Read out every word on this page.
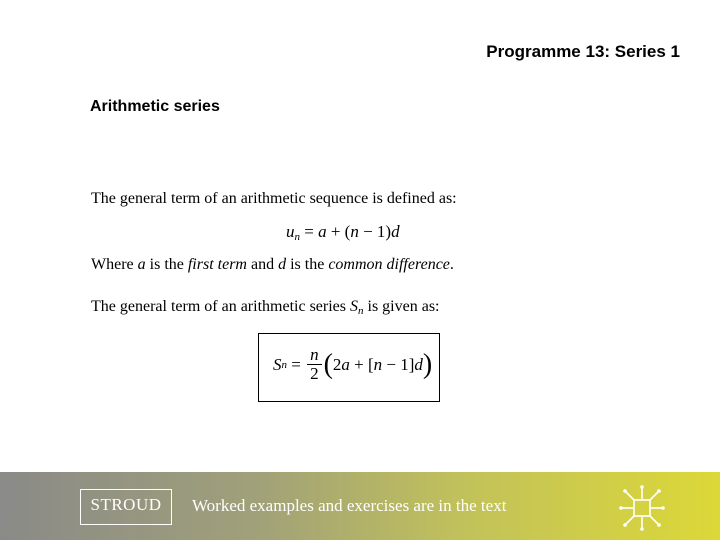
Programme 13: Series 1
Arithmetic series
The general term of an arithmetic sequence is defined as:
$u_n = a + (n - 1)d$
Where a is the first term and d is the common difference.
The general term of an arithmetic series $S_n$ is given as:
S $n = \frac{n}{2}$ ( 2 a + [ n − 1] d )
STROUD	Worked examples and exercises are in the text
